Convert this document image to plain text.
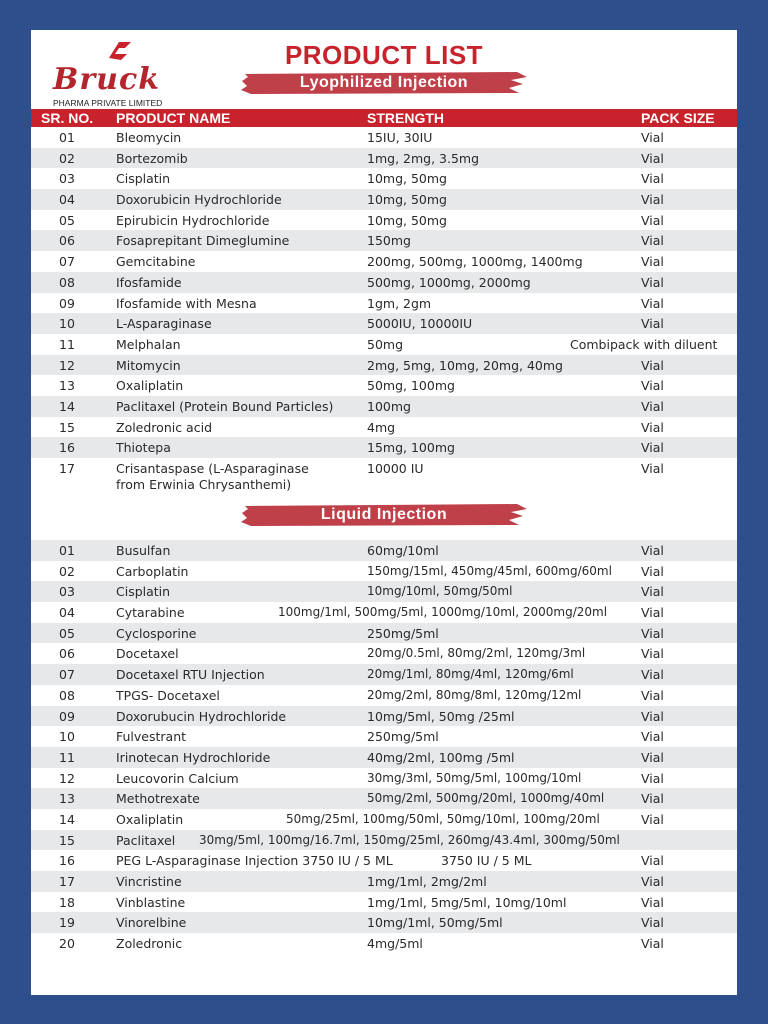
Bruck
PHARMA PRIVATE LIMITED
PRODUCT LIST
Lyophilized Injection
SR. NO. PRODUCT NAME	STRENGTH	PACK SIZE
01	Bleomycin	15IU, 30IU	Vial
02	Bortezomib	1mg, 2mg, 3.5mg	Vial
03	Cisplatin	10mg, 50mg	Vial
04	Doxorubicin Hydrochloride	10mg, 50mg	Vial
05	Epirubicin Hydrochloride	10mg, 50mg	Vial
06	Fosaprepitant Dimeglumine	150mg	Vial
07	Gemcitabine	200mg, 500mg, 1000mg, 1400mg	Vial
08	Ifosfamide	500mg, 1000mg, 2000mg	Vial
09	Ifosfamide with Mesna	1gm, 2gm	Vial
10	L-Asparaginase	5000IU, 10000IU	Vial
11	Melphalan	50mg	Combipack with diluent
12	Mitomycin	2mg, 5mg, 10mg, 20mg, 40mg	Vial
13	Oxaliplatin	50mg, 100mg	Vial
14	Paclitaxel (Protein Bound Particles)	100mg	Vial
15	Zoledronic acid	4mg	Vial
16	Thiotepa	15mg, 100mg	Vial
17	Crisantaspase (L-Asparaginase
from Erwinia Chrysanthemi)
10000 IU	Vial
Liquid Injection
01	Busulfan	60mg/10ml	Vial
02	Carboplatin	150mg/15ml, 450mg/45ml, 600mg/60ml Vial
03	Cisplatin	10mg/10ml, 50mg/50ml	Vial
04	Cytarabine	100mg/1ml, 500mg/5ml, 1000mg/10ml, 2000mg/20ml	Vial
05	Cyclosporine	250mg/5ml	Vial
06	Docetaxel	20mg/0.5ml, 80mg/2ml, 120mg/3ml	Vial
07	Docetaxel RTU Injection	20mg/1ml, 80mg/4ml, 120mg/6ml	Vial
08	TPGS- Docetaxel	20mg/2ml, 80mg/8ml, 120mg/12ml	Vial
09	Doxorubucin Hydrochloride	10mg/5ml, 50mg /25ml	Vial
10	Fulvestrant	250mg/5ml	Vial
11	Irinotecan Hydrochloride	40mg/2ml, 100mg /5ml	Vial
12	Leucovorin Calcium	30mg/3ml, 50mg/5ml, 100mg/10ml	Vial
13	Methotrexate	50mg/2ml, 500mg/20ml, 1000mg/40ml	Vial
14	Oxaliplatin	50mg/25ml, 100mg/50ml, 50mg/10ml, 100mg/20ml	Vial
15	Paclitaxel 30mg/5ml, 100mg/16.7ml, 150mg/25ml, 260mg/43.4ml, 300mg/50ml
16	PEG L-Asparaginase Injection 3750 IU / 5 ML	3750 IU / 5 ML	Vial
17	Vincristine	1mg/1ml, 2mg/2ml	Vial
18	Vinblastine	1mg/1ml, 5mg/5ml, 10mg/10ml	Vial
19	Vinorelbine	10mg/1ml, 50mg/5ml	Vial
20	Zoledronic	4mg/5ml	Vial
